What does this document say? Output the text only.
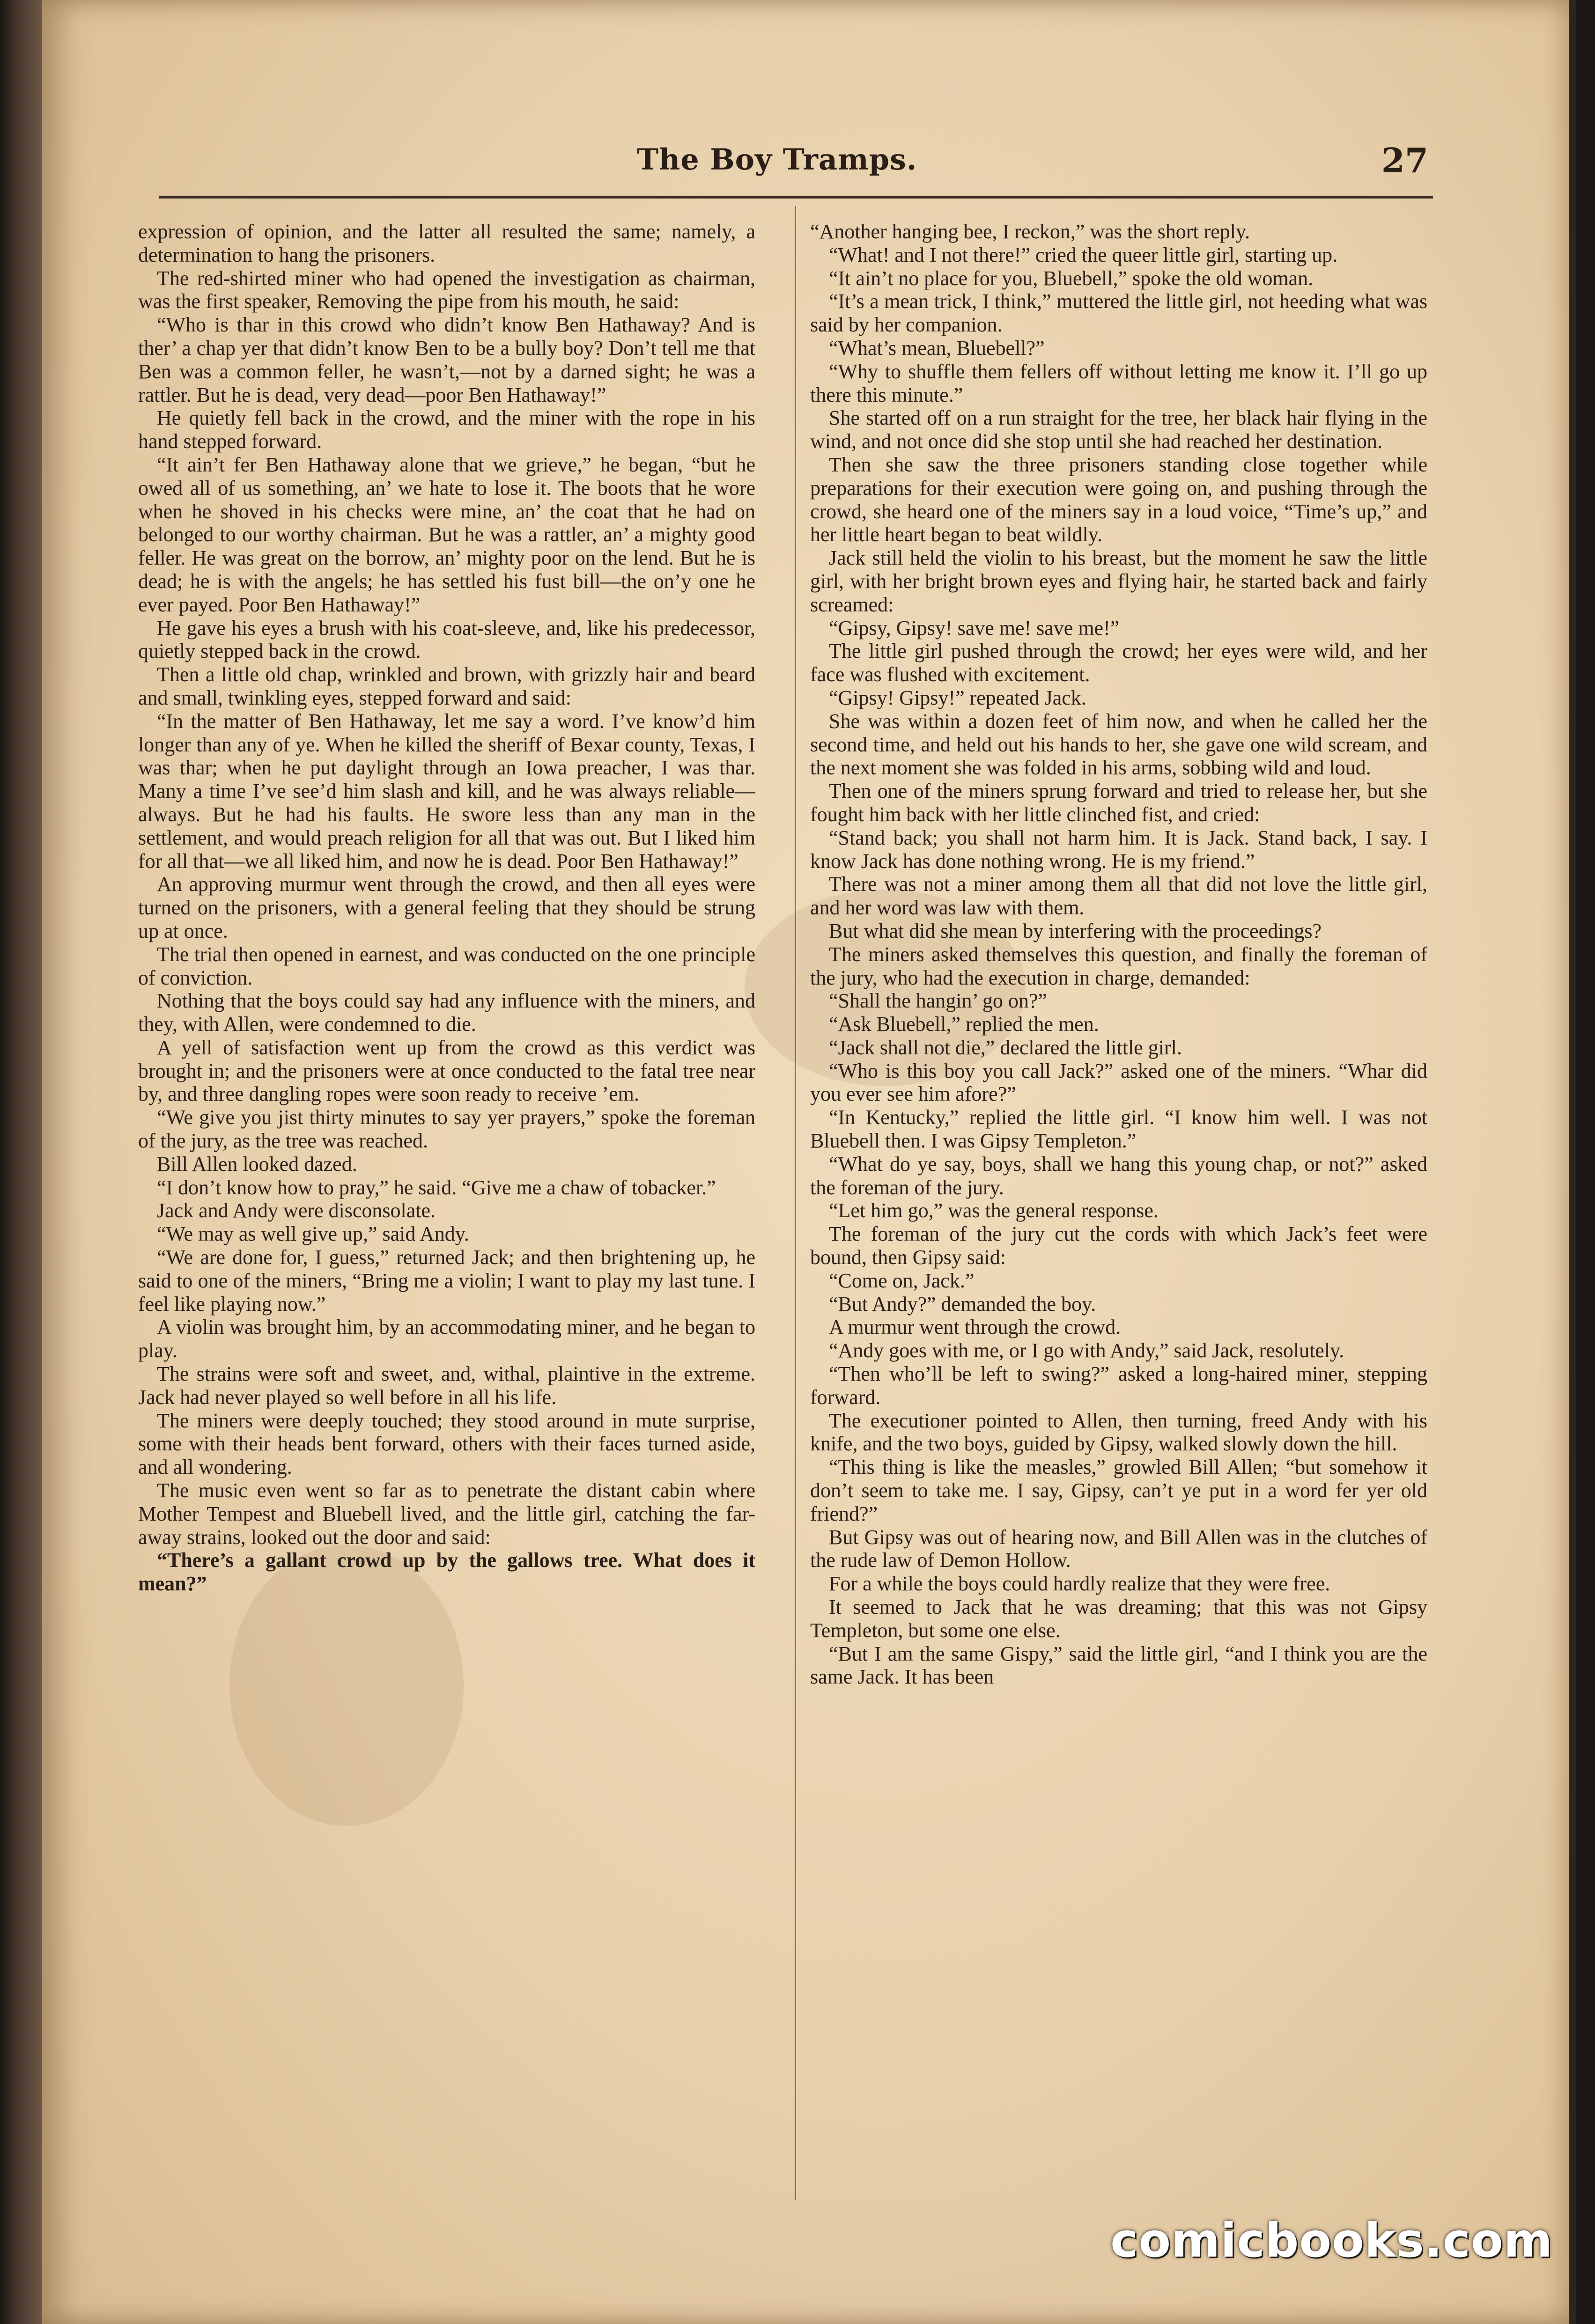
The Boy Tramps.	27

expression of opinion, and the latter all resulted the same; namely, a determination to hang the prisoners.

The red-shirted miner who had opened the investigation as chairman, was the first speaker, Removing the pipe from his mouth, he said:

“Who is thar in this crowd who didn’t know Ben Hathaway? And is ther’ a chap yer that didn’t know Ben to be a bully boy? Don’t tell me that Ben was a common feller, he wasn’t,—not by a darned sight; he was a rattler. But he is dead, very dead—poor Ben Hathaway!”

He quietly fell back in the crowd, and the miner with the rope in his hand stepped forward.

“It ain’t fer Ben Hathaway alone that we grieve,” he began, “but he owed all of us something, an’ we hate to lose it. The boots that he wore when he shoved in his checks were mine, an’ the coat that he had on belonged to our worthy chairman. But he was a rattler, an’ a mighty good feller. He was great on the borrow, an’ mighty poor on the lend. But he is dead; he is with the angels; he has settled his fust bill—the on’y one he ever payed. Poor Ben Hathaway!”

He gave his eyes a brush with his coat-sleeve, and, like his predecessor, quietly stepped back in the crowd.

Then a little old chap, wrinkled and brown, with grizzly hair and beard and small, twinkling eyes, stepped forward and said:

“In the matter of Ben Hathaway, let me say a word. I’ve know’d him longer than any of ye. When he killed the sheriff of Bexar county, Texas, I was thar; when he put daylight through an Iowa preacher, I was thar. Many a time I’ve see’d him slash and kill, and he was always reliable—always. But he had his faults. He swore less than any man in the settlement, and would preach religion for all that was out. But I liked him for all that—we all liked him, and now he is dead. Poor Ben Hathaway!”

An approving murmur went through the crowd, and then all eyes were turned on the prisoners, with a general feeling that they should be strung up at once.

The trial then opened in earnest, and was conducted on the one principle of conviction.

Nothing that the boys could say had any influence with the miners, and they, with Allen, were condemned to die.

A yell of satisfaction went up from the crowd as this verdict was brought in; and the prisoners were at once conducted to the fatal tree near by, and three dangling ropes were soon ready to receive ’em.

“We give you jist thirty minutes to say yer prayers,” spoke the foreman of the jury, as the tree was reached.

Bill Allen looked dazed.

“I don’t know how to pray,” he said. “Give me a chaw of tobacker.”

Jack and Andy were disconsolate.

“We may as well give up,” said Andy.

“We are done for, I guess,” returned Jack; and then brightening up, he said to one of the miners, “Bring me a violin; I want to play my last tune. I feel like playing now.”

A violin was brought him, by an accommodating miner, and he began to play.

The strains were soft and sweet, and, withal, plaintive in the extreme. Jack had never played so well before in all his life.

The miners were deeply touched; they stood around in mute surprise, some with their heads bent forward, others with their faces turned aside, and all wondering.

The music even went so far as to penetrate the distant cabin where Mother Tempest and Bluebell lived, and the little girl, catching the far-away strains, looked out the door and said:

“There’s a gallant crowd up by the gallows tree. What does it mean?”

“Another hanging bee, I reckon,” was the short reply.

“What! and I not there!” cried the queer little girl, starting up.

“It ain’t no place for you, Bluebell,” spoke the old woman.

“It’s a mean trick, I think,” muttered the little girl, not heeding what was said by her companion.

“What’s mean, Bluebell?”

“Why to shuffle them fellers off without letting me know it. I’ll go up there this minute.”

She started off on a run straight for the tree, her black hair flying in the wind, and not once did she stop until she had reached her destination.

Then she saw the three prisoners standing close together while preparations for their execution were going on, and pushing through the crowd, she heard one of the miners say in a loud voice, “Time’s up,” and her little heart began to beat wildly.

Jack still held the violin to his breast, but the moment he saw the little girl, with her bright brown eyes and flying hair, he started back and fairly screamed:

“Gipsy, Gipsy! save me! save me!”

The little girl pushed through the crowd; her eyes were wild, and her face was flushed with excitement.

“Gipsy! Gipsy!” repeated Jack.

She was within a dozen feet of him now, and when he called her the second time, and held out his hands to her, she gave one wild scream, and the next moment she was folded in his arms, sobbing wild and loud.

Then one of the miners sprung forward and tried to release her, but she fought him back with her little clinched fist, and cried:

“Stand back; you shall not harm him. It is Jack. Stand back, I say. I know Jack has done nothing wrong. He is my friend.”

There was not a miner among them all that did not love the little girl, and her word was law with them.

But what did she mean by interfering with the proceedings?

The miners asked themselves this question, and finally the foreman of the jury, who had the execution in charge, demanded:

“Shall the hangin’ go on?”

“Ask Bluebell,” replied the men.

“Jack shall not die,” declared the little girl.

“Who is this boy you call Jack?” asked one of the miners. “Whar did you ever see him afore?”

“In Kentucky,” replied the little girl. “I know him well. I was not Bluebell then. I was Gipsy Templeton.”

“What do ye say, boys, shall we hang this young chap, or not?” asked the foreman of the jury.

“Let him go,” was the general response.

The foreman of the jury cut the cords with which Jack’s feet were bound, then Gipsy said:

“Come on, Jack.”

“But Andy?” demanded the boy.

A murmur went through the crowd.

“Andy goes with me, or I go with Andy,” said Jack, resolutely.

“Then who’ll be left to swing?” asked a long-haired miner, stepping forward.

The executioner pointed to Allen, then turning, freed Andy with his knife, and the two boys, guided by Gipsy, walked slowly down the hill.

“This thing is like the measles,” growled Bill Allen; “but somehow it don’t seem to take me. I say, Gipsy, can’t ye put in a word fer yer old friend?”

But Gipsy was out of hearing now, and Bill Allen was in the clutches of the rude law of Demon Hollow.

For a while the boys could hardly realize that they were free.

It seemed to Jack that he was dreaming; that this was not Gipsy Templeton, but some one else.

“But I am the same Gispy,” said the little girl, “and I think you are the same Jack. It has been

comicbooks.com
